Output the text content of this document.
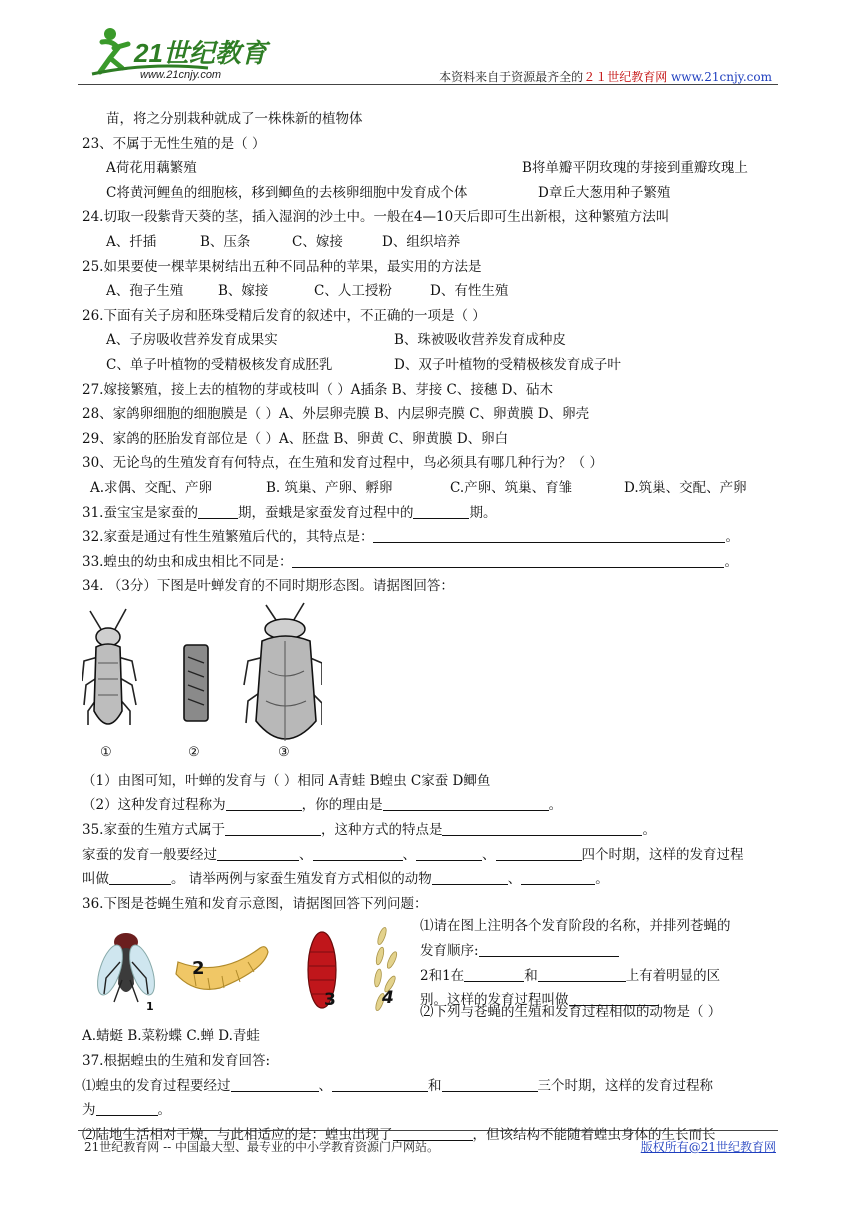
21世纪教育
www.21cnjy.com	本资料来自于资源最齐全的２１世纪教育网 www.21cnjy.com
苗，将之分别栽种就成了一株株新的植物体
23、不属于无性生殖的是（ ）
A荷花用藕繁殖	B将单瓣平阴玫瑰的芽接到重瓣玫瑰上
C将黄河鲤鱼的细胞核，移到鲫鱼的去核卵细胞中发育成个体	D章丘大葱用种子繁殖
24.切取一段紫背天葵的茎，插入湿润的沙土中。一般在4—10天后即可生出新根，这种繁殖方法叫
A、扦插	B、压条	C、嫁接	D、组织培养
25.如果要使一棵苹果树结出五种不同品种的苹果，最实用的方法是
A、孢子生殖	B、嫁接	C、人工授粉	D、有性生殖
26.下面有关子房和胚珠受精后发育的叙述中，不正确的一项是（ ）
A、子房吸收营养发育成果实	B、珠被吸收营养发育成种皮
C、单子叶植物的受精极核发育成胚乳	D、双子叶植物的受精极核发育成子叶
27.嫁接繁殖，接上去的植物的芽或枝叫（ ）A插条 B、芽接 C、接穗 D、砧木
28、家鸽卵细胞的细胞膜是（ ）A、外层卵壳膜 B、内层卵壳膜 C、卵黄膜 D、卵壳
29、家鸽的胚胎发育部位是（ ）A、胚盘 B、卵黄 C、卵黄膜 D、卵白
30、无论鸟的生殖发育有何特点，在生殖和发育过程中，鸟必须具有哪几种行为？（ ）
A.求偶、交配、产卵	B. 筑巢、产卵、孵卵	C.产卵、筑巢、育雏	D.筑巢、交配、产卵
31.蚕宝宝是家蚕的	期，蚕蛾是家蚕发育过程中的	期。
32.家蚕是通过有性生殖繁殖后代的，其特点是：	。
33.蝗虫的幼虫和成虫相比不同是：	。
34. （3分）下图是叶蝉发育的不同时期形态图。请据图回答：
①	②	③
（1）由图可知，叶蝉的发育与（ ）相同 A青蛙 B蝗虫 C家蚕 D鲫鱼
（2）这种发育过程称为	，你的理由是	。
35.家蚕的生殖方式属于	，这种方式的特点是	。
家蚕的发育一般要经过	、	、	、	四个时期，这样的发育过程
叫做	。 请举两例与家蚕生殖发育方式相似的动物	、	。
36.下图是苍蝇生殖和发育示意图，请据图回答下列问题：
1
2
3	4
⑴请在图上注明各个发育阶段的名称，并排列苍蝇的
发育顺序:
2和1在	和	上有着明显的区
别。这样的发育过程叫做
A.蜻蜓 B.菜粉蝶 C.蝉 D.青蛙
⑵下列与苍蝇的生殖和发育过程相似的动物是（ ）
37.根据蝗虫的生殖和发育回答:
⑴蝗虫的发育过程要经过	、	和	三个时期，这样的发育过程称
为	。
⑵陆地生活相对干燥，与此相适应的是：蝗虫出现了	，但该结构不能随着蝗虫身体的生长而长
21世纪教育网 -- 中国最大型、最专业的中小学教育资源门户网站。	版权所有@21世纪教育网
